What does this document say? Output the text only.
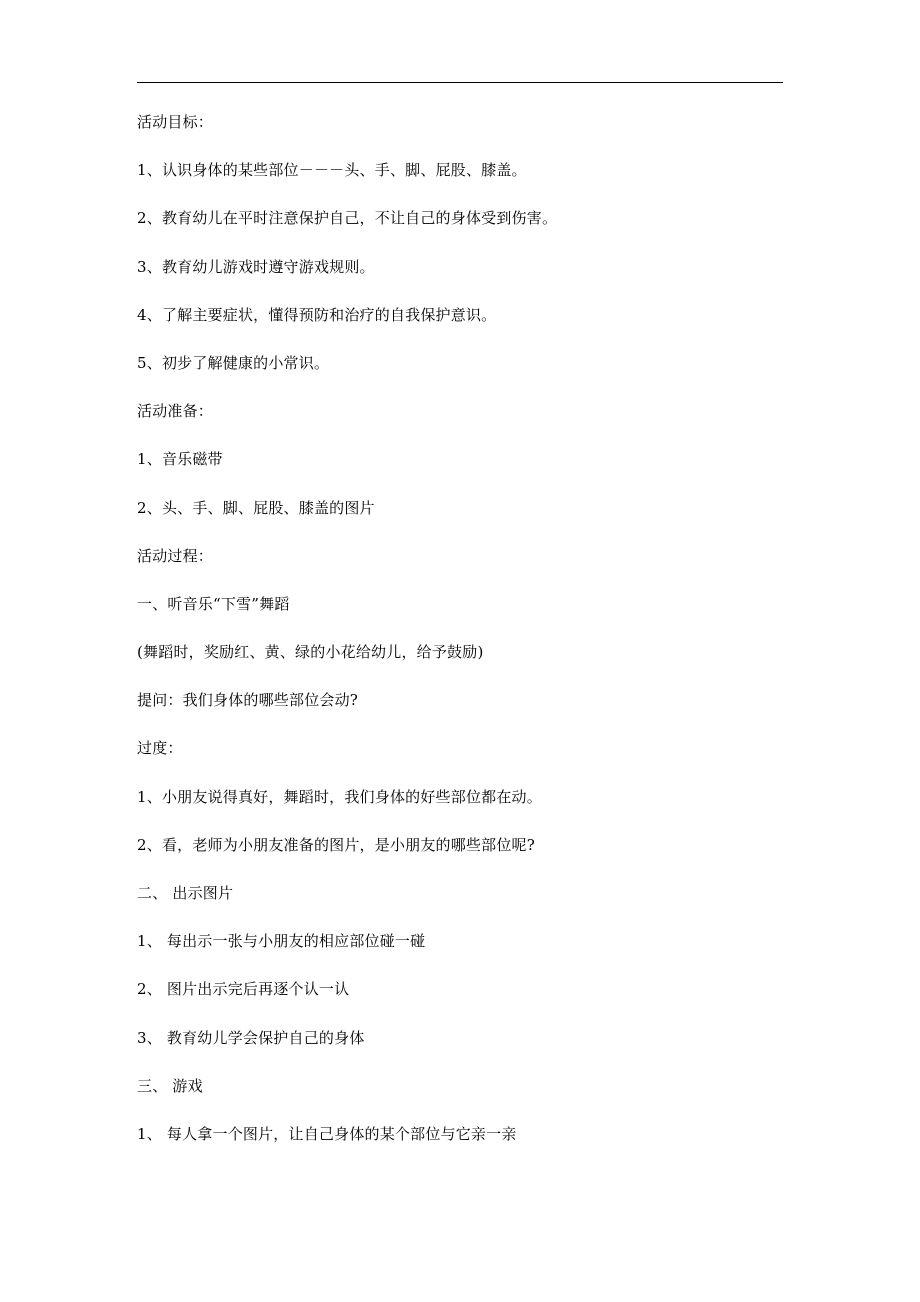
活动目标：
1、认识身体的某些部位－－－头、手、脚、屁股、膝盖。
2、教育幼儿在平时注意保护自己，不让自己的身体受到伤害。
3、教育幼儿游戏时遵守游戏规则。
4、了解主要症状，懂得预防和治疗的自我保护意识。
5、初步了解健康的小常识。
活动准备：
1、音乐磁带
2、头、手、脚、屁股、膝盖的图片
活动过程：
一、听音乐“下雪”舞蹈
(舞蹈时，奖励红、黄、绿的小花给幼儿，给予鼓励)
提问：我们身体的哪些部位会动?
过度：
1、小朋友说得真好，舞蹈时，我们身体的好些部位都在动。
2、看，老师为小朋友准备的图片，是小朋友的哪些部位呢?
二、 出示图片
1、 每出示一张与小朋友的相应部位碰一碰
2、 图片出示完后再逐个认一认
3、 教育幼儿学会保护自己的身体
三、 游戏
1、 每人拿一个图片，让自己身体的某个部位与它亲一亲
